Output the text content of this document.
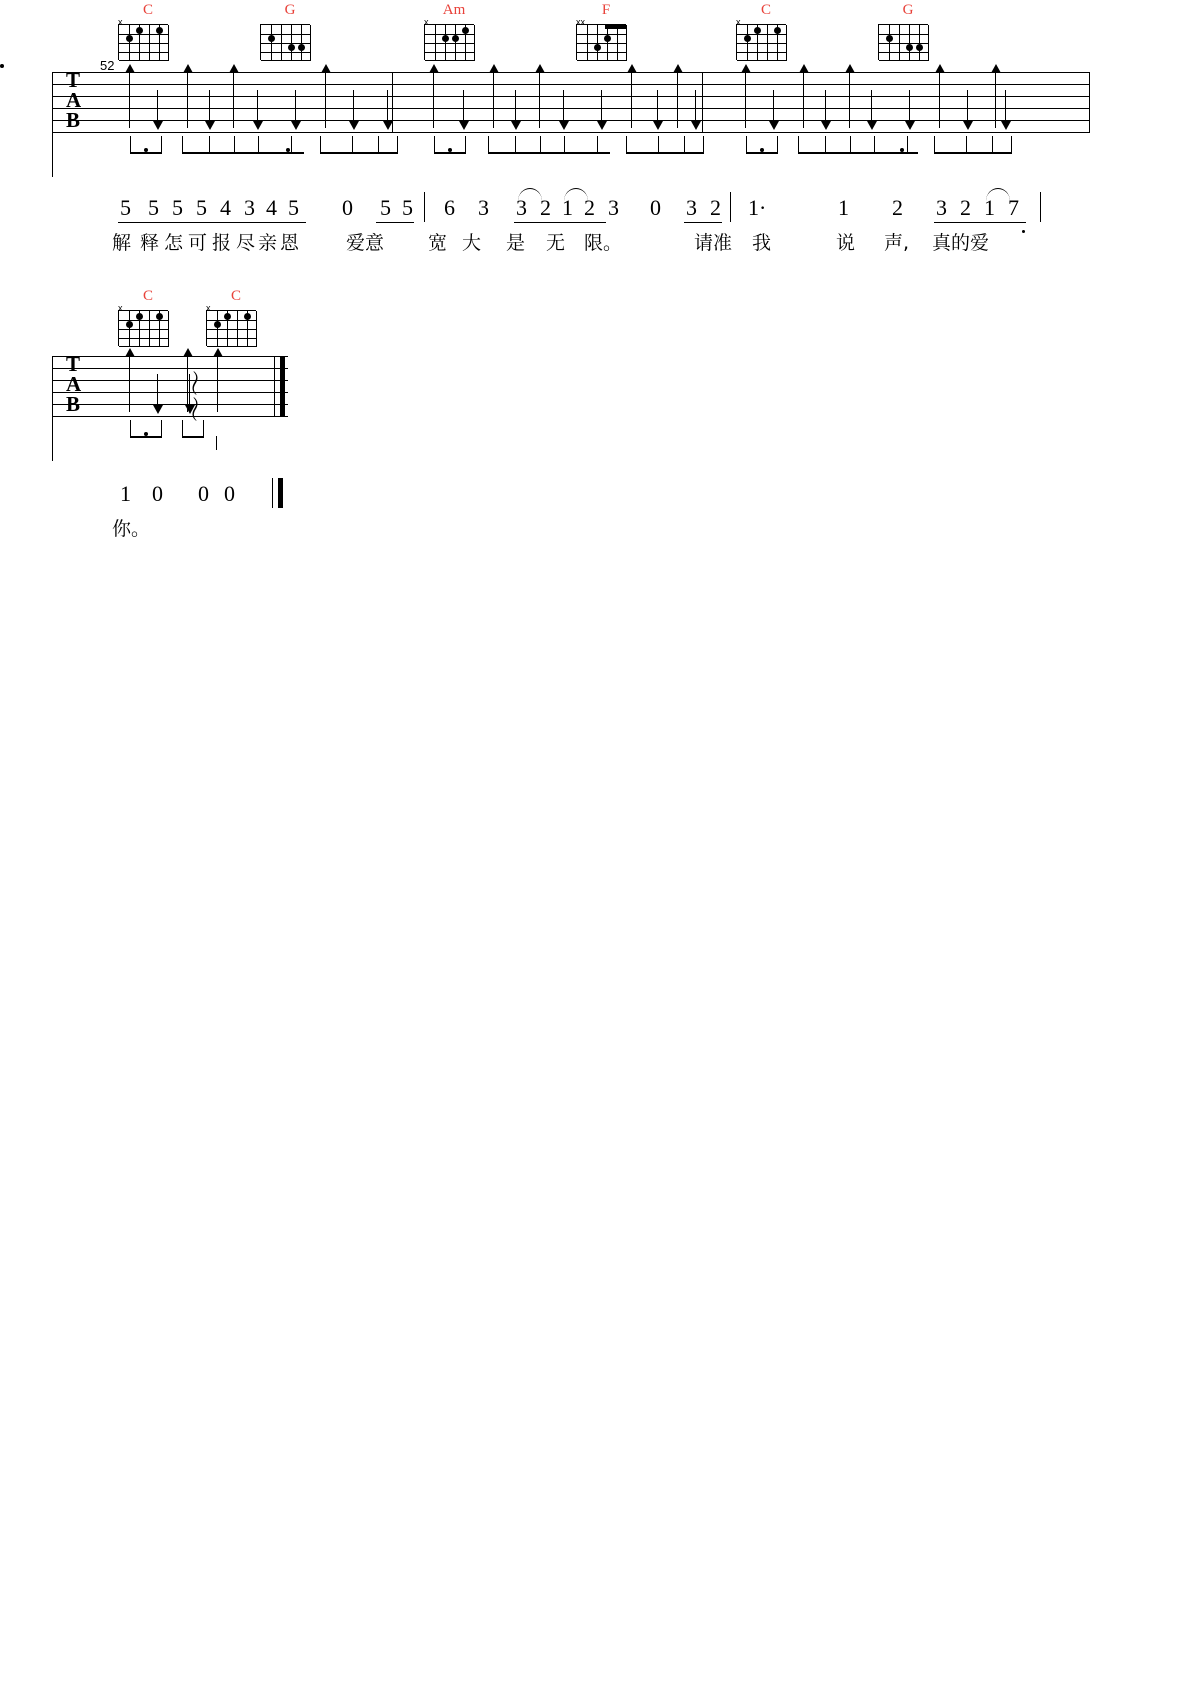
C
x
G	Am
x
F
xx
C
x
G
52
T
A
B
5 5 5 5 4 3 4 5 0 5 5 6 3 3 2 1 2 3 0 3 2 1·	1 2 3 2 1 7
解 释 怎 可 报 尽 亲 恩 爱意 宽 大 是 无 限。	请准 我	说 声, 真的爱
C
x
C
x
T
A
B	〜〜
1 0 0 0
你。
